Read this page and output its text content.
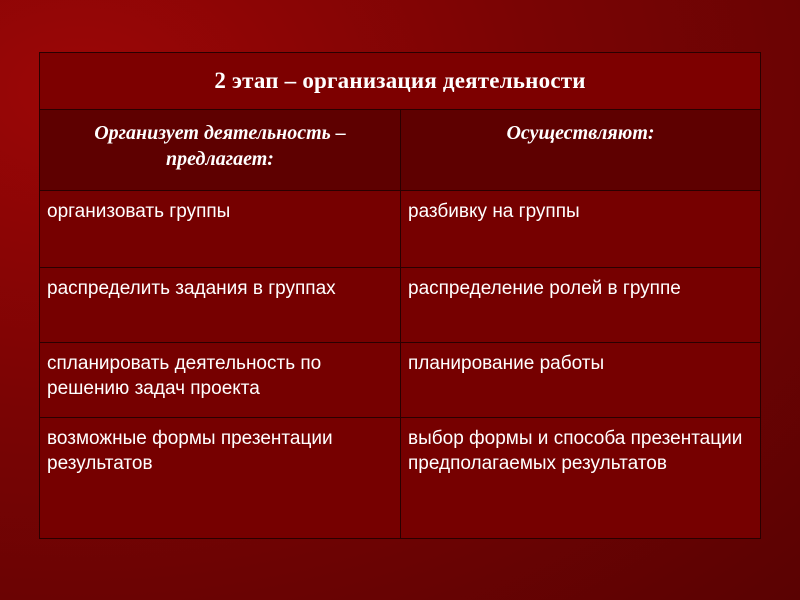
2 этап – организация деятельности	
Организует деятельность – предлагает:	Осуществляют:
организовать группы	разбивку на группы
распределить задания в группах	распределение ролей в группе
спланировать деятельность по решению задач проекта	планирование работы
возможные формы презентации результатов	выбор формы и способа презентации предполагаемых результатов
